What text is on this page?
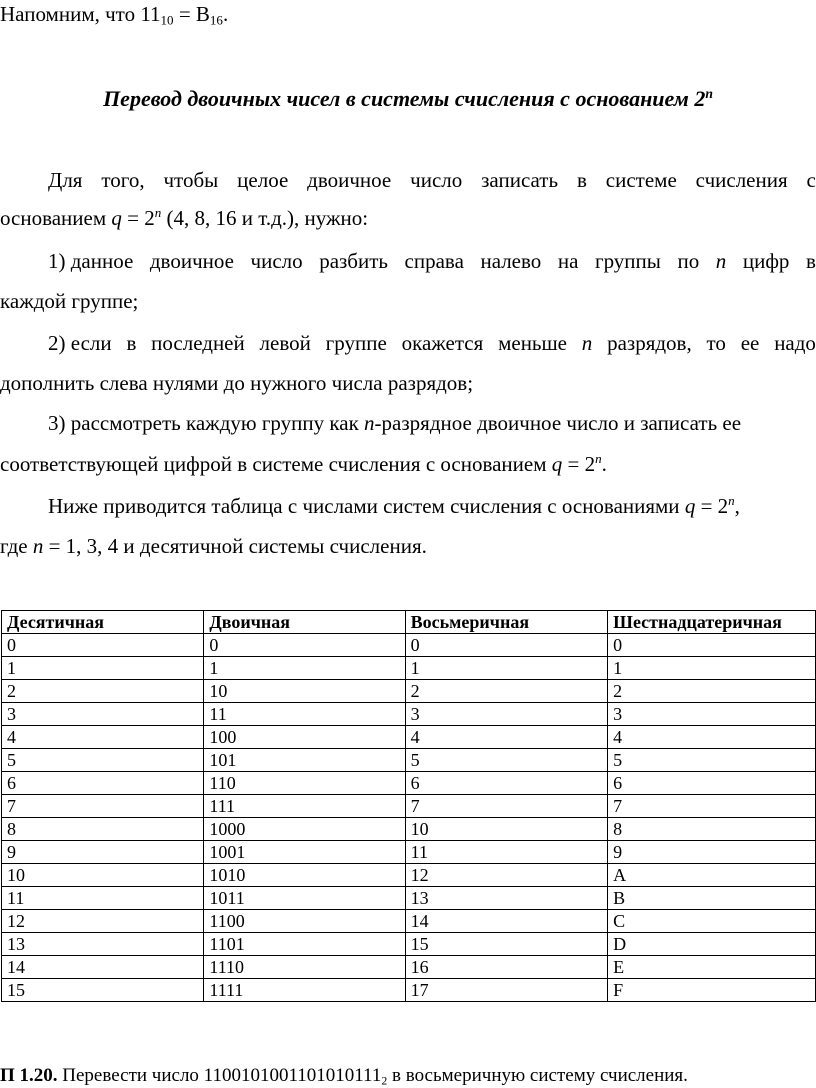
Напомним, что $11_{10} = B_{16}$.
Перевод двоичных чисел в системы счисления с основанием 2$^n$
Для того, чтобы целое двоичное число записать в системе счисления с
основанием $q = 2^n$ (4, 8, 16 и т.д.), нужно:
1) данное двоичное число разбить справа налево на группы по n цифр в
каждой группе;
2) если в последней левой группе окажется меньше n разрядов, то ее надо
дополнить слева нулями до нужного числа разрядов;
3) рассмотреть каждую группу как n-разрядное двоичное число и записать ее
соответствующей цифрой в системе счисления с основанием $q = 2^n$.
Ниже приводится таблица с числами систем счисления с основаниями $q = 2^n$,
где n = 1, 3, 4 и десятичной системы счисления.
Десятичная	Двоичная	Восьмеричная	Шестнадцатеричная
0	0	0	0
1	1	1	1
2	10	2	2
3	11	3	3
4	100	4	4
5	101	5	5
6	110	6	6
7	111	7	7
8	1000	10	8
9	1001	11	9
10	1010	12	A
11	1011	13	B
12	1100	14	C
13	1101	15	D
14	1110	16	E
15	1111	17	F
П 1.20. Перевести число $1100101001101010111_2$ в восьмеричную систему счисления.
